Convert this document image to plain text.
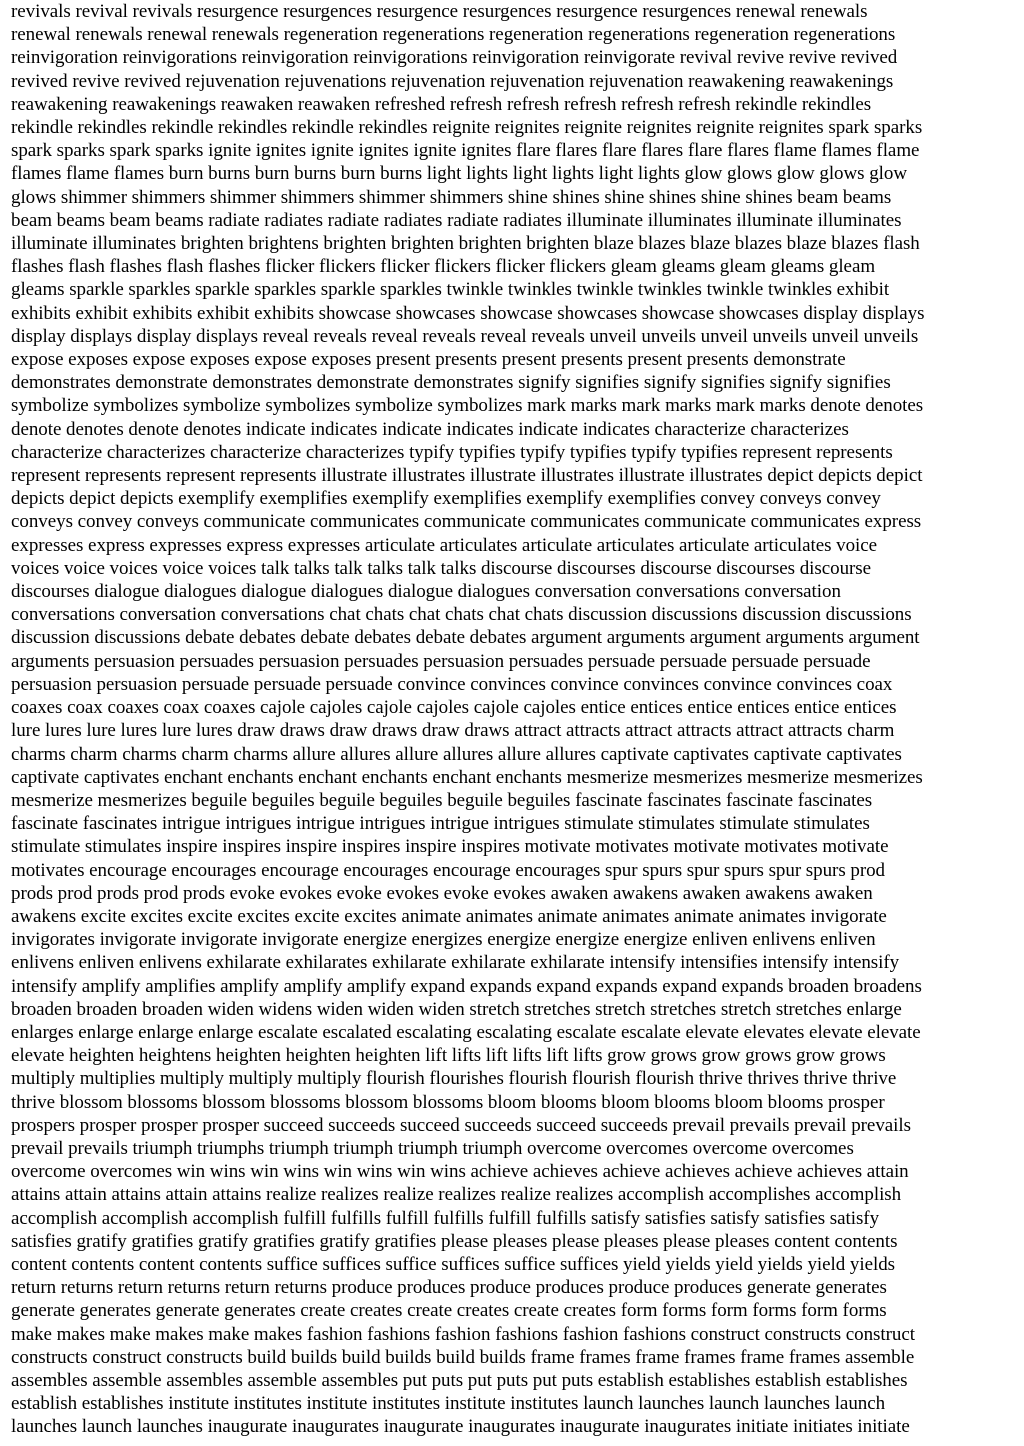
revivals revival revivals resurgence resurgences resurgence resurgences resurgence resurgences renewal renewals
renewal renewals renewal renewals regeneration regenerations regeneration regenerations regeneration regenerations
reinvigoration reinvigorations reinvigoration reinvigorations reinvigoration reinvigorate revival revive revive revived
revived revive revived rejuvenation rejuvenations rejuvenation rejuvenation rejuvenation reawakening reawakenings
reawakening reawakenings reawaken reawaken refreshed refresh refresh refresh refresh refresh rekindle rekindles
rekindle rekindles rekindle rekindles rekindle rekindles reignite reignites reignite reignites reignite reignites spark sparks
spark sparks spark sparks ignite ignites ignite ignites ignite ignites flare flares flare flares flare flares flame flames flame
flames flame flames burn burns burn burns burn burns light lights light lights light lights glow glows glow glows glow
glows shimmer shimmers shimmer shimmers shimmer shimmers shine shines shine shines shine shines beam beams
beam beams beam beams radiate radiates radiate radiates radiate radiates illuminate illuminates illuminate illuminates
illuminate illuminates brighten brightens brighten brighten brighten brighten blaze blazes blaze blazes blaze blazes flash
flashes flash flashes flash flashes flicker flickers flicker flickers flicker flickers gleam gleams gleam gleams gleam
gleams sparkle sparkles sparkle sparkles sparkle sparkles twinkle twinkles twinkle twinkles twinkle twinkles exhibit
exhibits exhibit exhibits exhibit exhibits showcase showcases showcase showcases showcase showcases display displays
display displays display displays reveal reveals reveal reveals reveal reveals unveil unveils unveil unveils unveil unveils
expose exposes expose exposes expose exposes present presents present presents present presents demonstrate
demonstrates demonstrate demonstrates demonstrate demonstrates signify signifies signify signifies signify signifies
symbolize symbolizes symbolize symbolizes symbolize symbolizes mark marks mark marks mark marks denote denotes
denote denotes denote denotes indicate indicates indicate indicates indicate indicates characterize characterizes
characterize characterizes characterize characterizes typify typifies typify typifies typify typifies represent represents
represent represents represent represents illustrate illustrates illustrate illustrates illustrate illustrates depict depicts depict
depicts depict depicts exemplify exemplifies exemplify exemplifies exemplify exemplifies convey conveys convey
conveys convey conveys communicate communicates communicate communicates communicate communicates express
expresses express expresses express expresses articulate articulates articulate articulates articulate articulates voice
voices voice voices voice voices talk talks talk talks talk talks discourse discourses discourse discourses discourse
discourses dialogue dialogues dialogue dialogues dialogue dialogues conversation conversations conversation
conversations conversation conversations chat chats chat chats chat chats discussion discussions discussion discussions
discussion discussions debate debates debate debates debate debates argument arguments argument arguments argument
arguments persuasion persuades persuasion persuades persuasion persuades persuade persuade persuade persuade
persuasion persuasion persuade persuade persuade convince convinces convince convinces convince convinces coax
coaxes coax coaxes coax coaxes cajole cajoles cajole cajoles cajole cajoles entice entices entice entices entice entices
lure lures lure lures lure lures draw draws draw draws draw draws attract attracts attract attracts attract attracts charm
charms charm charms charm charms allure allures allure allures allure allures captivate captivates captivate captivates
captivate captivates enchant enchants enchant enchants enchant enchants mesmerize mesmerizes mesmerize mesmerizes
mesmerize mesmerizes beguile beguiles beguile beguiles beguile beguiles fascinate fascinates fascinate fascinates
fascinate fascinates intrigue intrigues intrigue intrigues intrigue intrigues stimulate stimulates stimulate stimulates
stimulate stimulates inspire inspires inspire inspires inspire inspires motivate motivates motivate motivates motivate
motivates encourage encourages encourage encourages encourage encourages spur spurs spur spurs spur spurs prod
prods prod prods prod prods evoke evokes evoke evokes evoke evokes awaken awakens awaken awakens awaken
awakens excite excites excite excites excite excites animate animates animate animates animate animates invigorate
invigorates invigorate invigorate invigorate energize energizes energize energize energize enliven enlivens enliven
enlivens enliven enlivens exhilarate exhilarates exhilarate exhilarate exhilarate intensify intensifies intensify intensify
intensify amplify amplifies amplify amplify amplify expand expands expand expands expand expands broaden broadens
broaden broaden broaden widen widens widen widen widen stretch stretches stretch stretches stretch stretches enlarge
enlarges enlarge enlarge enlarge escalate escalated escalating escalating escalate escalate elevate elevates elevate elevate
elevate heighten heightens heighten heighten heighten lift lifts lift lifts lift lifts grow grows grow grows grow grows
multiply multiplies multiply multiply multiply flourish flourishes flourish flourish flourish thrive thrives thrive thrive
thrive blossom blossoms blossom blossoms blossom blossoms bloom blooms bloom blooms bloom blooms prosper
prospers prosper prosper prosper succeed succeeds succeed succeeds succeed succeeds prevail prevails prevail prevails
prevail prevails triumph triumphs triumph triumph triumph triumph overcome overcomes overcome overcomes
overcome overcomes win wins win wins win wins win wins achieve achieves achieve achieves achieve achieves attain
attains attain attains attain attains realize realizes realize realizes realize realizes accomplish accomplishes accomplish
accomplish accomplish accomplish fulfill fulfills fulfill fulfills fulfill fulfills satisfy satisfies satisfy satisfies satisfy
satisfies gratify gratifies gratify gratifies gratify gratifies please pleases please pleases please pleases content contents
content contents content contents suffice suffices suffice suffices suffice suffices yield yields yield yields yield yields
return returns return returns return returns produce produces produce produces produce produces generate generates
generate generates generate generates create creates create creates create creates form forms form forms form forms
make makes make makes make makes fashion fashions fashion fashions fashion fashions construct constructs construct
constructs construct constructs build builds build builds build builds frame frames frame frames frame frames assemble
assembles assemble assembles assemble assembles put puts put puts put puts establish establishes establish establishes
establish establishes institute institutes institute institutes institute institutes launch launches launch launches launch
launches launch launches inaugurate inaugurates inaugurate inaugurates inaugurate inaugurates initiate initiates initiate
